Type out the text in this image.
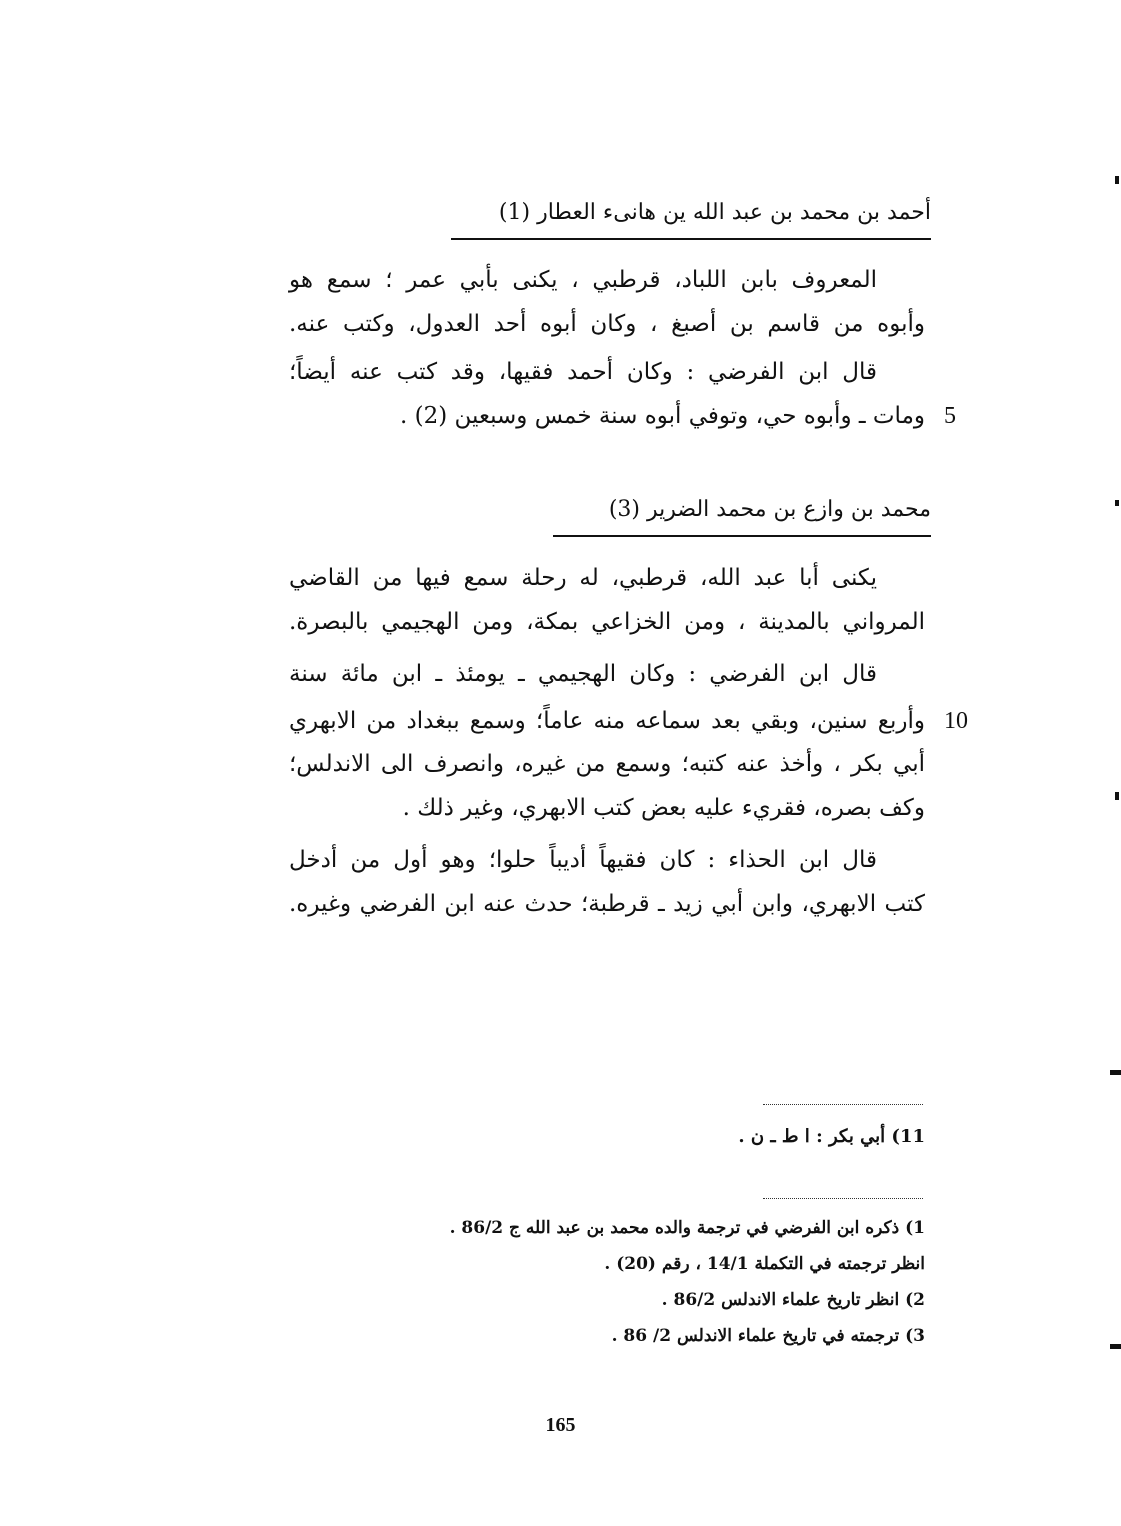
أحمد بن محمد بن عبد الله ين هانىء العطار (1)
المعروف بابن اللباد، قرطبي ، يكنى بأبي عمر ؛ سمع هو
وأبوه من قاسم بن أصبغ ، وكان أبوه أحد العدول، وكتب عنه.
قال ابن الفرضي : وكان أحمد فقيها، وقد كتب عنه أيضاً؛
ومات ـ وأبوه حي، وتوفي أبوه سنة خمس وسبعين (2) . 5
محمد بن وازع بن محمد الضرير (3)
يكنى أبا عبد الله، قرطبي، له رحلة سمع فيها من القاضي
المرواني بالمدينة ، ومن الخزاعي بمكة، ومن الهجيمي بالبصرة.
قال ابن الفرضي : وكان الهجيمي ـ يومئذ ـ ابن مائة سنة
وأربع سنين، وبقي بعد سماعه منه عاماً؛ وسمع ببغداد من الابهري 10
أبي بكر ، وأخذ عنه كتبه؛ وسمع من غيره، وانصرف الى الاندلس؛
وكف بصره، فقريء عليه بعض كتب الابهري، وغير ذلك .
قال ابن الحذاء : كان فقيهاً أديباً حلوا؛ وهو أول من أدخل
كتب الابهري، وابن أبي زيد ـ قرطبة؛ حدث عنه ابن الفرضي وغيره.
11) أبي بكر : ا ط ـ ن .
1) ذكره ابن الفرضي في ترجمة والده محمد بن عبد الله ج 86/2 .
انظر ترجمته في التكملة 14/1 ، رقم (20) .
2) انظر تاريخ علماء الاندلس 86/2 .
3) ترجمته في تاريخ علماء الاندلس 2/ 86 .
165
